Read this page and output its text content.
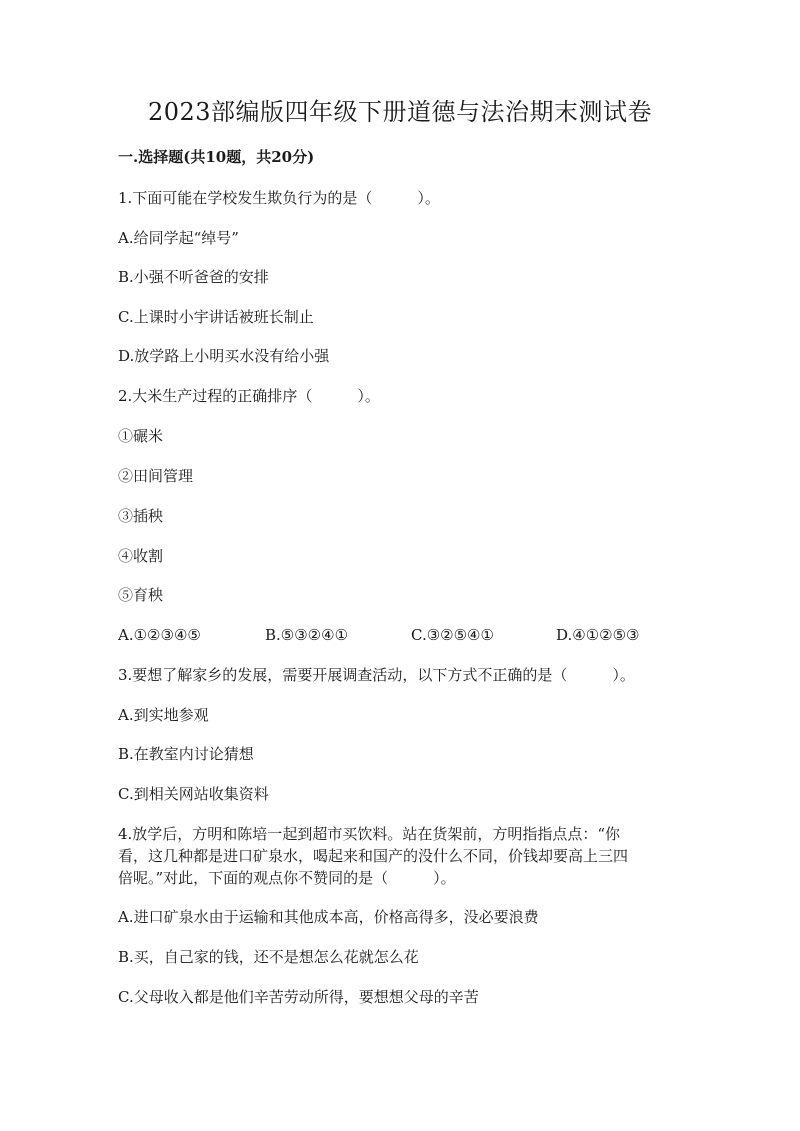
2023部编版四年级下册道德与法治期末测试卷
一.选择题(共10题，共20分)
1.下面可能在学校发生欺负行为的是（　　　）。
A.给同学起“绰号”
B.小强不听爸爸的安排
C.上课时小宇讲话被班长制止
D.放学路上小明买水没有给小强
2.大米生产过程的正确排序（　　　）。
①碾米
②田间管理
③插秧
④收割
⑤育秧
A.①②③④⑤	B.⑤③②④①	C.③②⑤④①	D.④①②⑤③
3.要想了解家乡的发展，需要开展调查活动，以下方式不正确的是（　　　）。
A.到实地参观
B.在教室内讨论猜想
C.到相关网站收集资料
4.放学后，方明和陈培一起到超市买饮料。站在货架前，方明指指点点：“你
看，这几种都是进口矿泉水，喝起来和国产的没什么不同，价钱却要高上三四
倍呢。”对此，下面的观点你不赞同的是（　　　）。
A.进口矿泉水由于运输和其他成本高，价格高得多，没必要浪费
B.买，自己家的钱，还不是想怎么花就怎么花
C.父母收入都是他们辛苦劳动所得，要想想父母的辛苦
